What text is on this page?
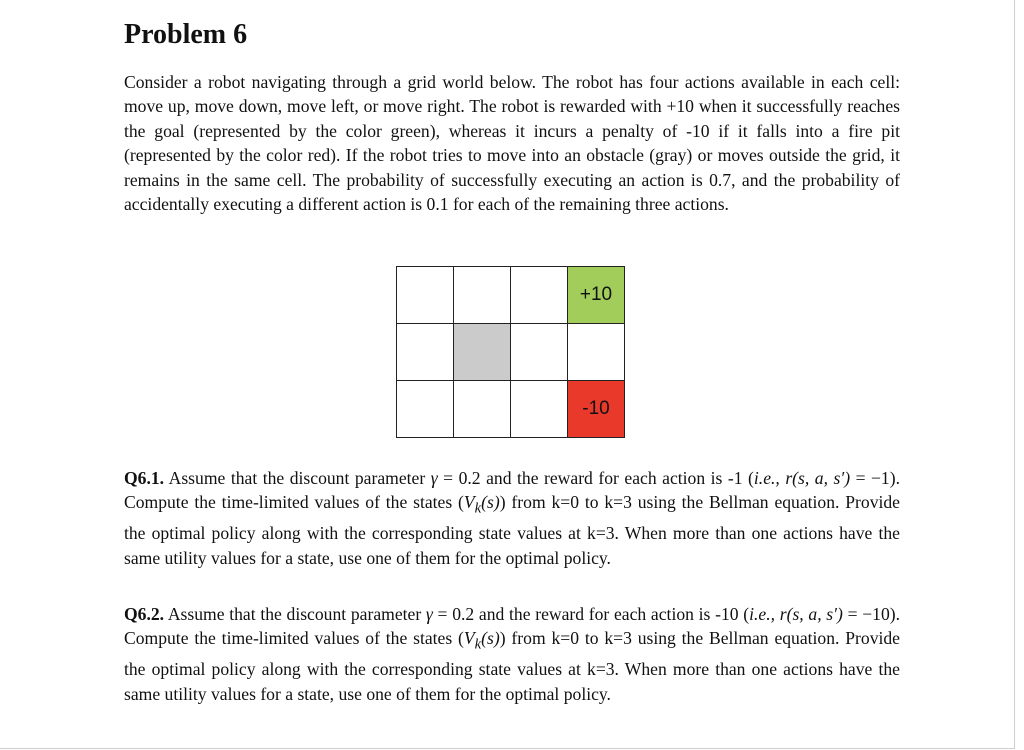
Problem 6

Consider a robot navigating through a grid world below. The robot has four actions available in each cell: move up, move down, move left, or move right. The robot is rewarded with +10 when it successfully reaches the goal (represented by the color green), whereas it incurs a penalty of -10 if it falls into a fire pit (represented by the color red). If the robot tries to move into an obstacle (gray) or moves outside the grid, it remains in the same cell. The probability of successfully executing an action is 0.7, and the probability of accidentally executing a different action is 0.1 for each of the remaining three actions.

+10
-10

Q6.1. Assume that the discount parameter γ = 0.2 and the reward for each action is -1 (i.e., r(s, a, s′) = −1). Compute the time-limited values of the states $(V_k(s))$ from k=0 to k=3 using the Bellman equation. Provide the optimal policy along with the corresponding state values at k=3. When more than one actions have the same utility values for a state, use one of them for the optimal policy.

Q6.2. Assume that the discount parameter γ = 0.2 and the reward for each action is -10 (i.e., r(s, a, s′) = −10). Compute the time-limited values of the states $(V_k(s))$ from k=0 to k=3 using the Bellman equation. Provide the optimal policy along with the corresponding state values at k=3. When more than one actions have the same utility values for a state, use one of them for the optimal policy.
